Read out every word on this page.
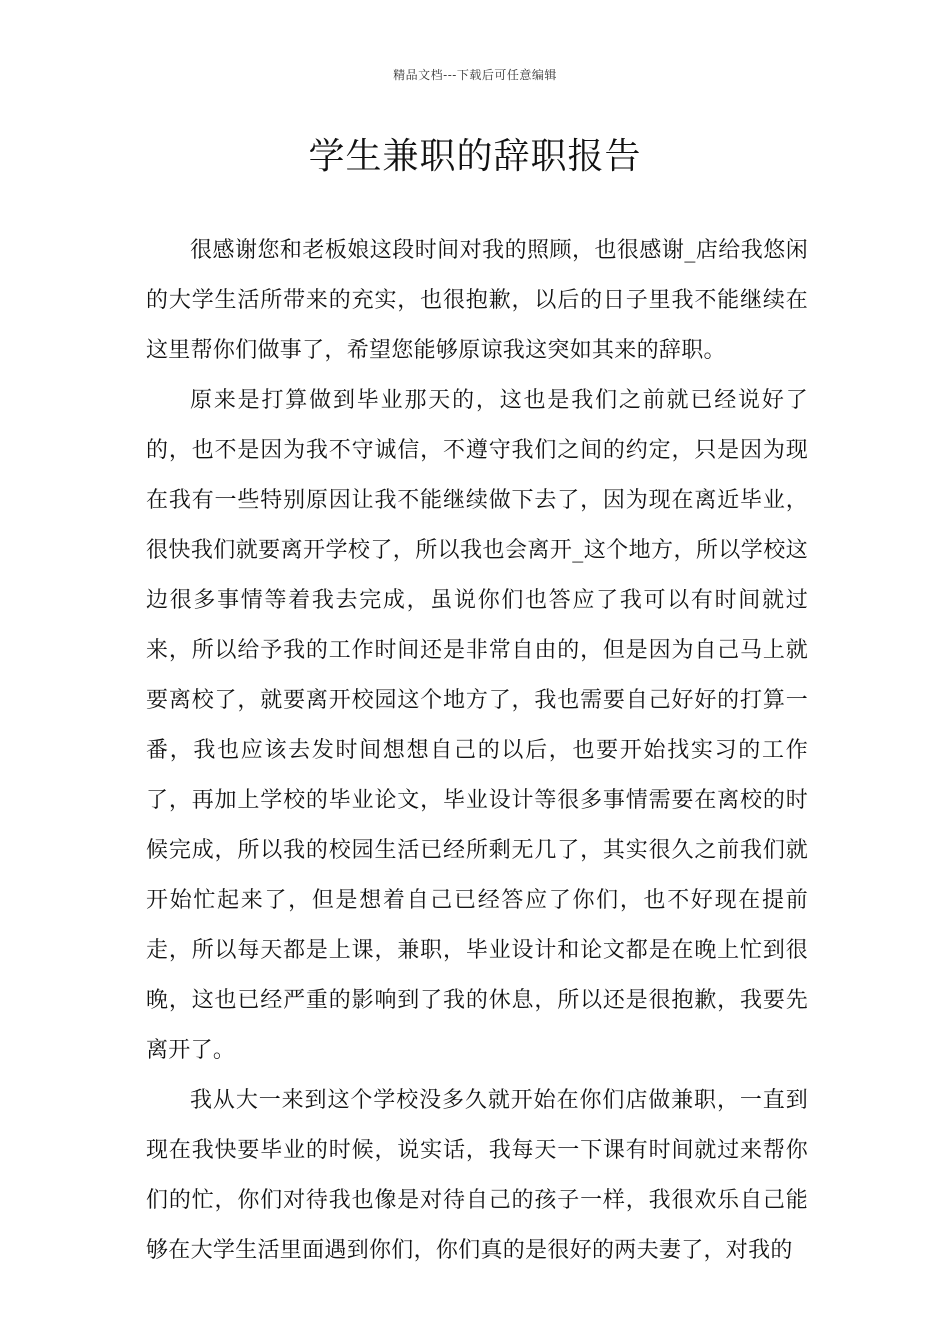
精品文档---下载后可任意编辑
学生兼职的辞职报告

很感谢您和老板娘这段时间对我的照顾，也很感谢_店给我悠闲的大学生活所带来的充实，也很抱歉，以后的日子里我不能继续在这里帮你们做事了，希望您能够原谅我这突如其来的辞职。

原来是打算做到毕业那天的，这也是我们之前就已经说好了的，也不是因为我不守诚信，不遵守我们之间的约定，只是因为现在我有一些特别原因让我不能继续做下去了，因为现在离近毕业，很快我们就要离开学校了，所以我也会离开_这个地方，所以学校这边很多事情等着我去完成，虽说你们也答应了我可以有时间就过来，所以给予我的工作时间还是非常自由的，但是因为自己马上就要离校了，就要离开校园这个地方了，我也需要自己好好的打算一番，我也应该去发时间想想自己的以后，也要开始找实习的工作了，再加上学校的毕业论文，毕业设计等很多事情需要在离校的时候完成，所以我的校园生活已经所剩无几了，其实很久之前我们就开始忙起来了，但是想着自己已经答应了你们，也不好现在提前走，所以每天都是上课，兼职，毕业设计和论文都是在晚上忙到很晚，这也已经严重的影响到了我的休息，所以还是很抱歉，我要先离开了。

我从大一来到这个学校没多久就开始在你们店做兼职，一直到现在我快要毕业的时候，说实话，我每天一下课有时间就过来帮你们的忙，你们对待我也像是对待自己的孩子一样，我很欢乐自己能够在大学生活里面遇到你们，你们真的是很好的两夫妻了，对我的
